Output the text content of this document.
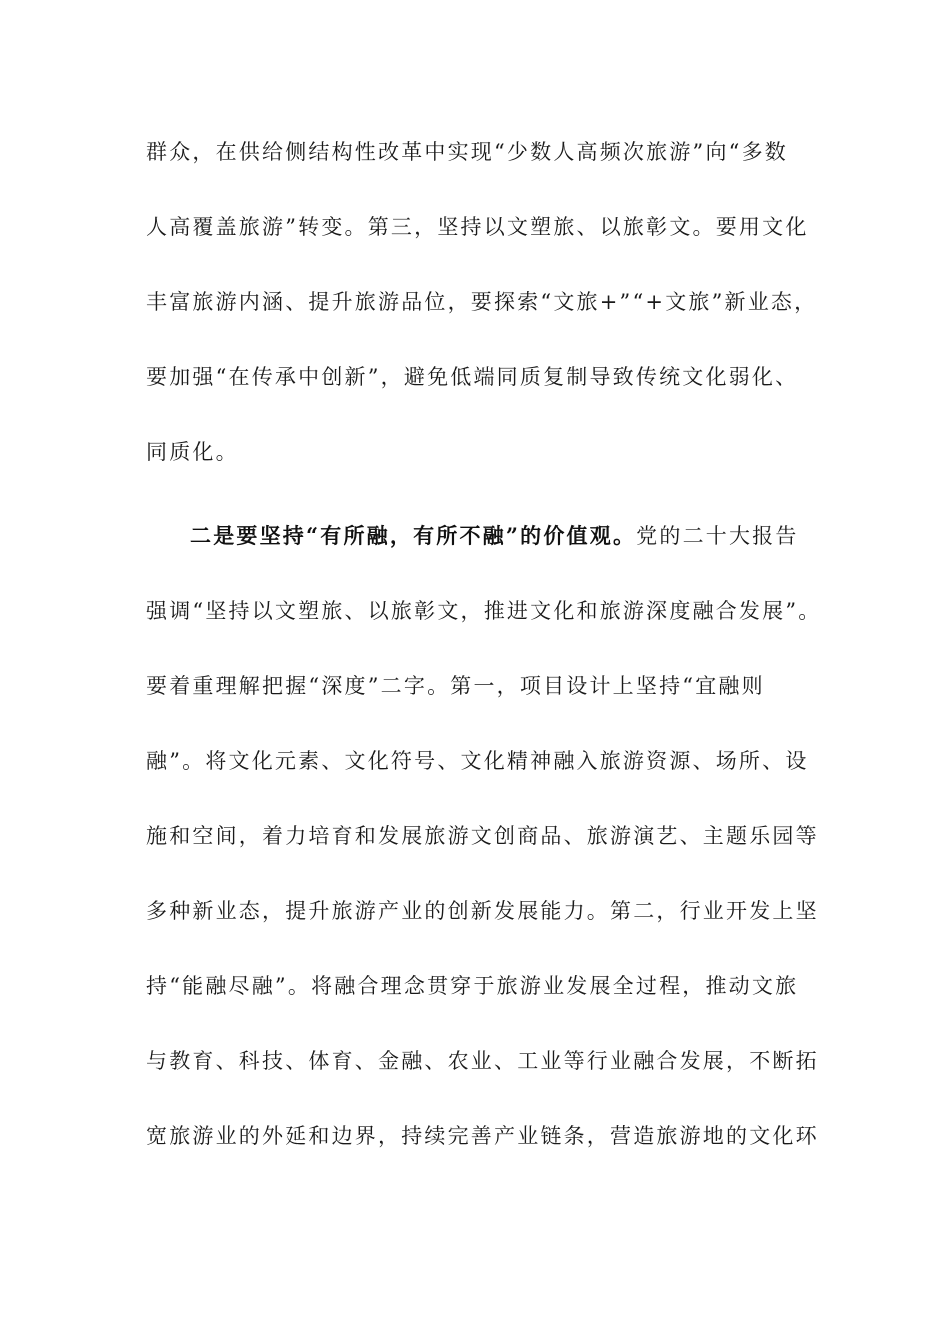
群众，在供给侧结构性改革中实现“少数人高频次旅游”向“多数
人高覆盖旅游”转变。第三，坚持以文塑旅、以旅彰文。要用文化
丰富旅游内涵、提升旅游品位，要探索“文旅+”“+文旅”新业态，
要加强“在传承中创新”，避免低端同质复制导致传统文化弱化、
同质化。
二是要坚持“有所融，有所不融”的价值观。党的二十大报告
强调“坚持以文塑旅、以旅彰文，推进文化和旅游深度融合发展”。
要着重理解把握“深度”二字。第一，项目设计上坚持“宜融则
融”。将文化元素、文化符号、文化精神融入旅游资源、场所、设
施和空间，着力培育和发展旅游文创商品、旅游演艺、主题乐园等
多种新业态，提升旅游产业的创新发展能力。第二，行业开发上坚
持“能融尽融”。将融合理念贯穿于旅游业发展全过程，推动文旅
与教育、科技、体育、金融、农业、工业等行业融合发展，不断拓
宽旅游业的外延和边界，持续完善产业链条，营造旅游地的文化环
